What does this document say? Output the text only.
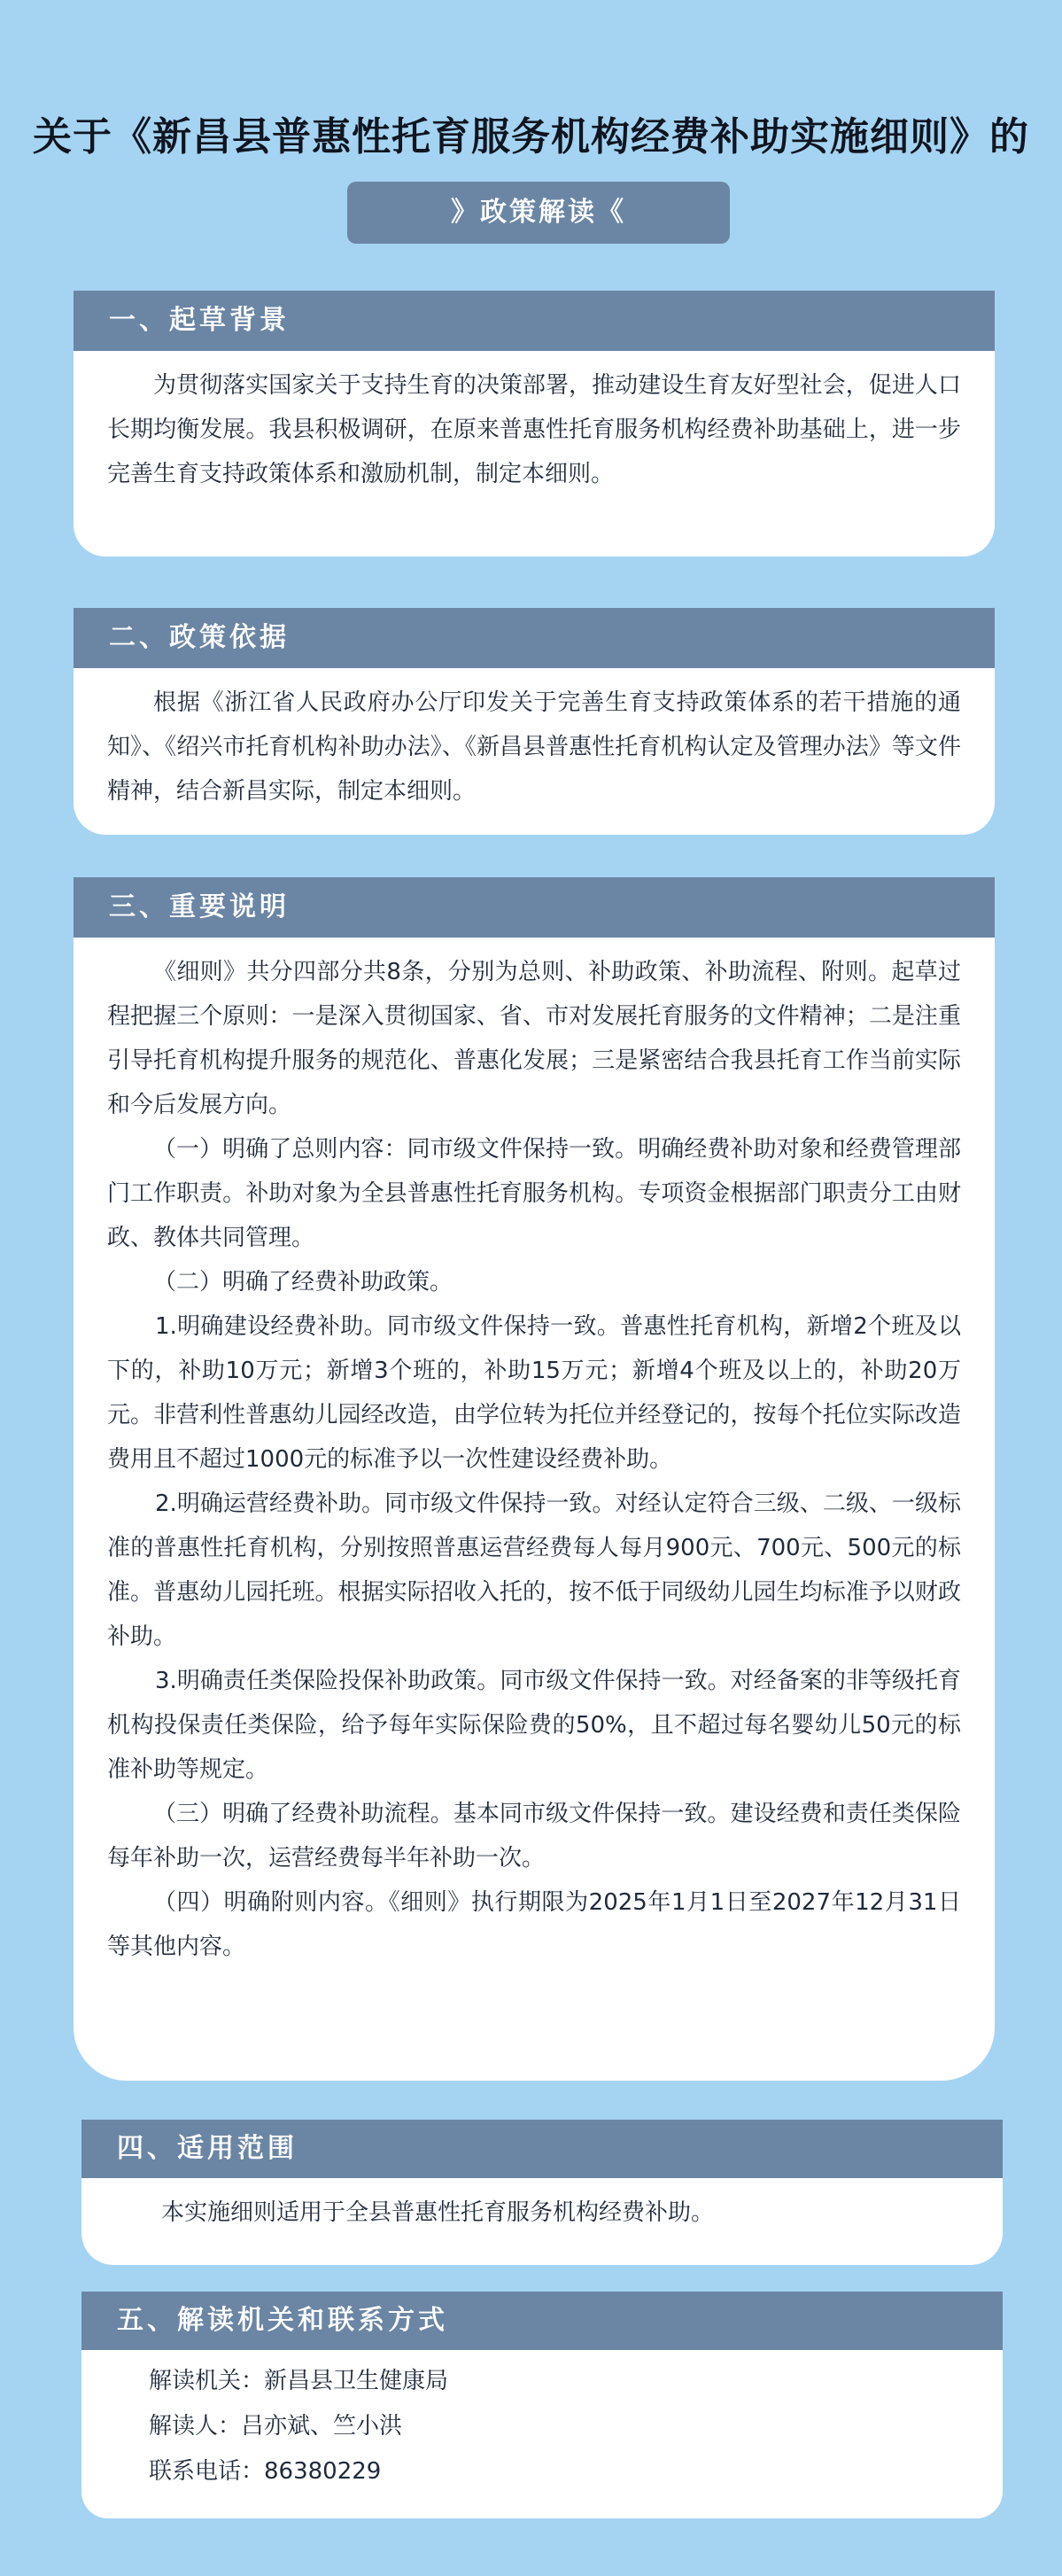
关于《新昌县普惠性托育服务机构经费补助实施细则》的
》政策解读《
一、起草背景

为贯彻落实国家关于支持生育的决策部署，推动建设生育友好型社会，促进人口长期均衡发展。我县积极调研，在原来普惠性托育服务机构经费补助基础上，进一步完善生育支持政策体系和激励机制，制定本细则。

二、政策依据

根据《浙江省人民政府办公厅印发关于完善生育支持政策体系的若干措施的通知》、《绍兴市托育机构补助办法》、《新昌县普惠性托育机构认定及管理办法》等文件精神，结合新昌实际，制定本细则。

三、重要说明

《细则》共分四部分共8条，分别为总则、补助政策、补助流程、附则。起草过程把握三个原则：一是深入贯彻国家、省、市对发展托育服务的文件精神；二是注重引导托育机构提升服务的规范化、普惠化发展；三是紧密结合我县托育工作当前实际和今后发展方向。

（一）明确了总则内容：同市级文件保持一致。明确经费补助对象和经费管理部门工作职责。补助对象为全县普惠性托育服务机构。专项资金根据部门职责分工由财政、教体共同管理。

（二）明确了经费补助政策。

1.明确建设经费补助。同市级文件保持一致。普惠性托育机构，新增2个班及以下的，补助10万元；新增3个班的，补助15万元；新增4个班及以上的，补助20万元。非营利性普惠幼儿园经改造，由学位转为托位并经登记的，按每个托位实际改造费用且不超过1000元的标准予以一次性建设经费补助。

2.明确运营经费补助。同市级文件保持一致。对经认定符合三级、二级、一级标准的普惠性托育机构，分别按照普惠运营经费每人每月900元、700元、500元的标准。普惠幼儿园托班。根据实际招收入托的，按不低于同级幼儿园生均标准予以财政补助。

3.明确责任类保险投保补助政策。同市级文件保持一致。对经备案的非等级托育机构投保责任类保险，给予每年实际保险费的50%，且不超过每名婴幼儿50元的标准补助等规定。

（三）明确了经费补助流程。基本同市级文件保持一致。建设经费和责任类保险每年补助一次，运营经费每半年补助一次。

（四）明确附则内容。《细则》执行期限为2025年1月1日至2027年12月31日等其他内容。

四、适用范围

本实施细则适用于全县普惠性托育服务机构经费补助。

五、解读机关和联系方式

解读机关：新昌县卫生健康局

解读人：吕亦斌、竺小洪

联系电话：86380229
